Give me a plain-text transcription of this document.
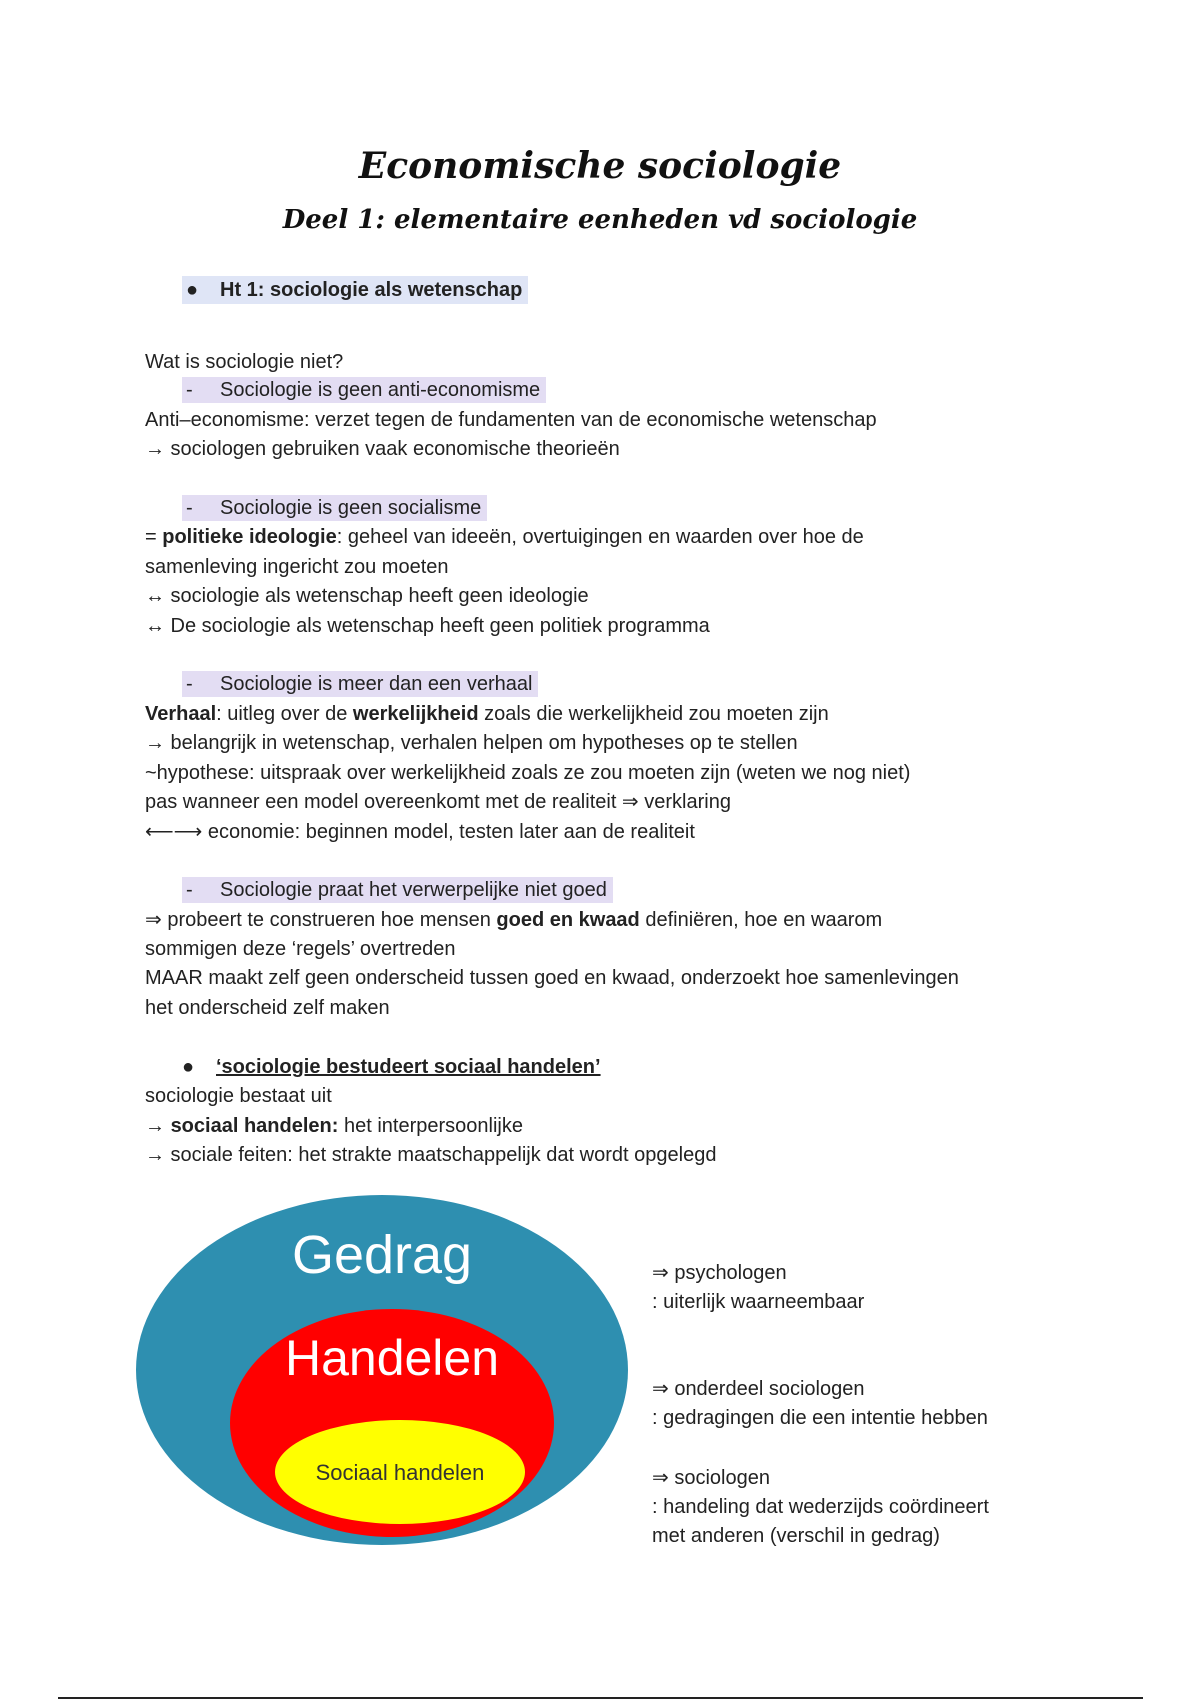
Economische sociologie
Deel 1: elementaire eenheden vd sociologie
● Ht 1: sociologie als wetenschap
Wat is sociologie niet?
- Sociologie is geen anti-economisme
Anti–economisme: verzet tegen de fundamenten van de economische wetenschap
→ sociologen gebruiken vaak economische theorieën
- Sociologie is geen socialisme
= politieke ideologie: geheel van ideeën, overtuigingen en waarden over hoe de
samenleving ingericht zou moeten
↔ sociologie als wetenschap heeft geen ideologie
↔ De sociologie als wetenschap heeft geen politiek programma
- Sociologie is meer dan een verhaal
Verhaal: uitleg over de werkelijkheid zoals die werkelijkheid zou moeten zijn
→ belangrijk in wetenschap, verhalen helpen om hypotheses op te stellen
~hypothese: uitspraak over werkelijkheid zoals ze zou moeten zijn (weten we nog niet)
pas wanneer een model overeenkomt met de realiteit ⇒ verklaring
⟵⟶ economie: beginnen model, testen later aan de realiteit
- Sociologie praat het verwerpelijke niet goed
⇒ probeert te construeren hoe mensen goed en kwaad definiëren, hoe en waarom
sommigen deze ‘regels’ overtreden
MAAR maakt zelf geen onderscheid tussen goed en kwaad, onderzoekt hoe samenlevingen
het onderscheid zelf maken
● ‘sociologie bestudeert sociaal handelen’
sociologie bestaat uit
→ sociaal handelen: het interpersoonlijke
→ sociale feiten: het strakte maatschappelijk dat wordt opgelegd
Gedrag
Handelen
Sociaal handelen
⇒ psychologen
: uiterlijk waarneembaar
⇒ onderdeel sociologen
: gedragingen die een intentie hebben
⇒ sociologen
: handeling dat wederzijds coördineert
met anderen (verschil in gedrag)
